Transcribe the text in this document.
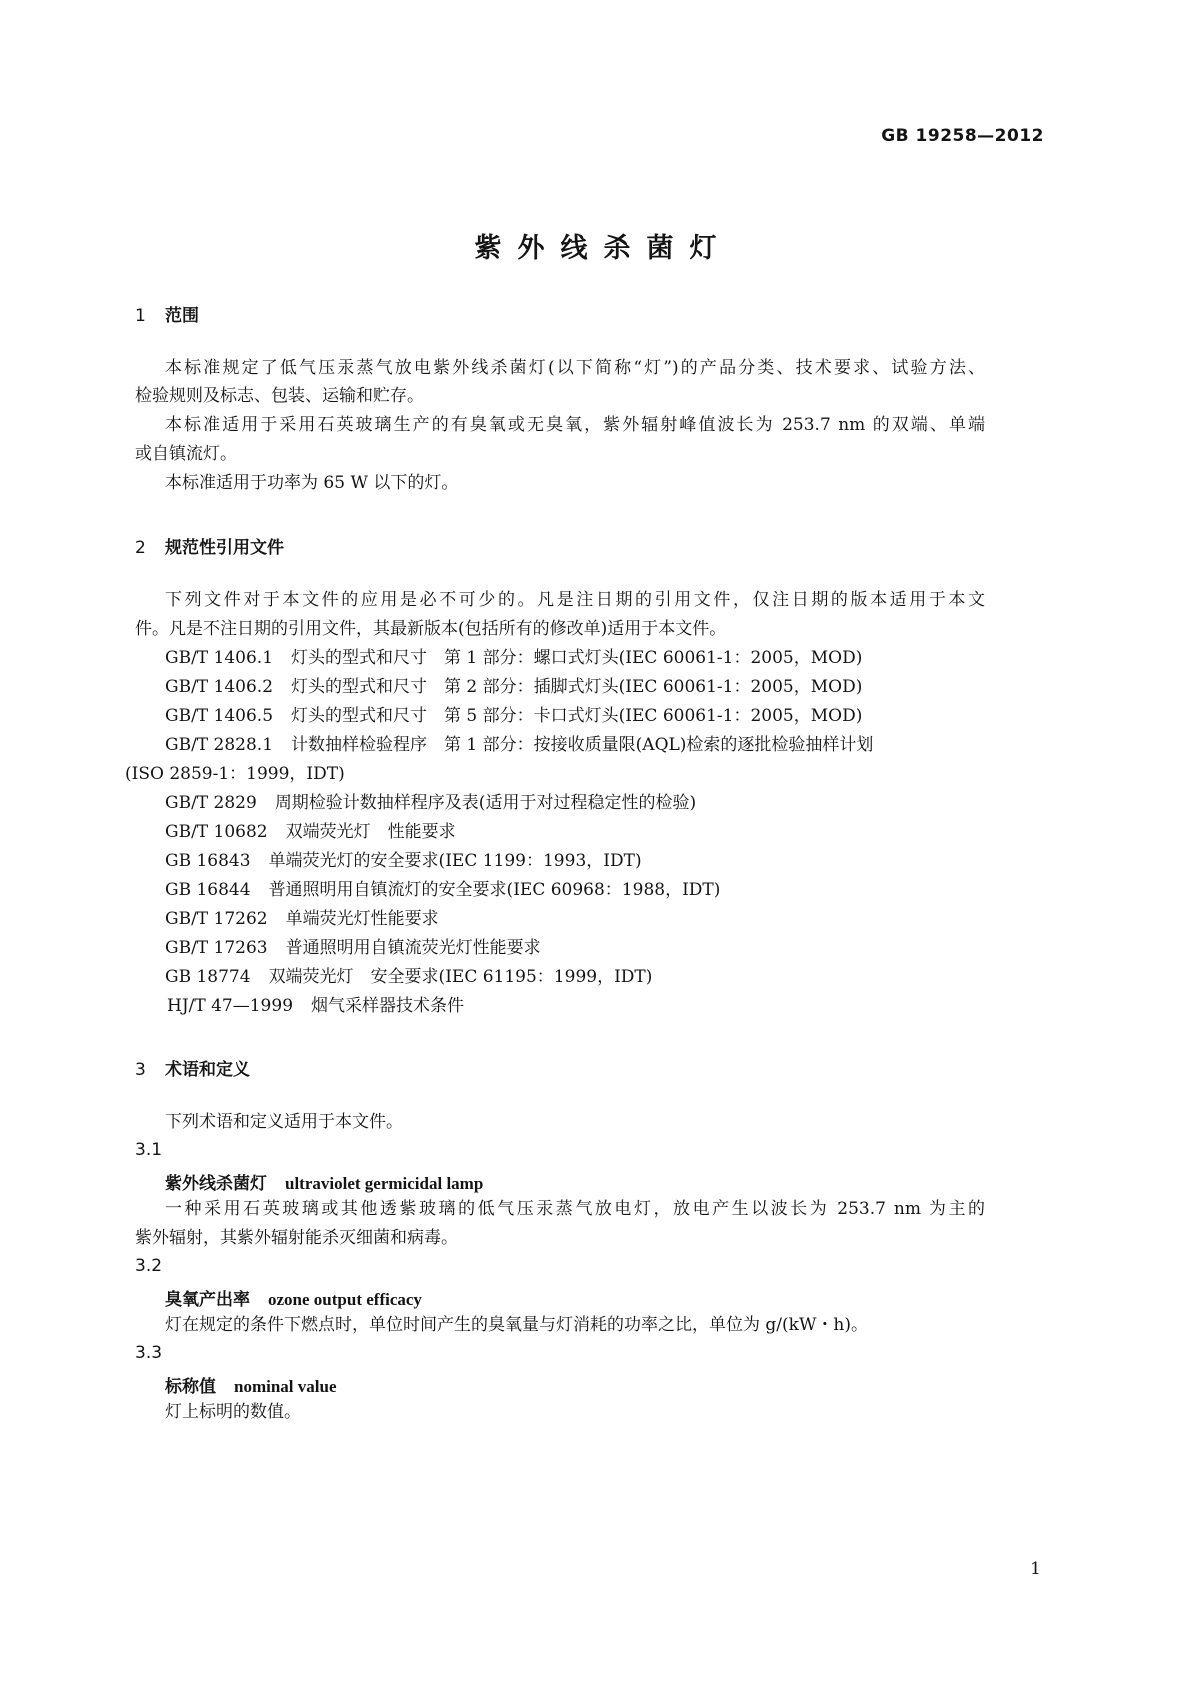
GB 19258—2012
紫外线杀菌灯
1 范围
本标准规定了低气压汞蒸气放电紫外线杀菌灯(以下简称“灯”)的产品分类、技术要求、试验方法、
检验规则及标志、包装、运输和贮存。
本标准适用于采用石英玻璃生产的有臭氧或无臭氧，紫外辐射峰值波长为 253.7 nm 的双端、单端
或自镇流灯。
本标准适用于功率为 65 W 以下的灯。
2 规范性引用文件
下列文件对于本文件的应用是必不可少的。凡是注日期的引用文件，仅注日期的版本适用于本文
件。凡是不注日期的引用文件，其最新版本(包括所有的修改单)适用于本文件。
GB/T 1406.1 灯头的型式和尺寸　第 1 部分：螺口式灯头(IEC 60061-1：2005，MOD)
GB/T 1406.2 灯头的型式和尺寸　第 2 部分：插脚式灯头(IEC 60061-1：2005，MOD)
GB/T 1406.5 灯头的型式和尺寸　第 5 部分：卡口式灯头(IEC 60061-1：2005，MOD)
GB/T 2828.1 计数抽样检验程序　第 1 部分：按接收质量限(AQL)检索的逐批检验抽样计划
(ISO 2859-1：1999，IDT)
GB/T 2829 周期检验计数抽样程序及表(适用于对过程稳定性的检验)
GB/T 10682 双端荧光灯　性能要求
GB 16843 单端荧光灯的安全要求(IEC 1199：1993，IDT)
GB 16844 普通照明用自镇流灯的安全要求(IEC 60968：1988，IDT)
GB/T 17262 单端荧光灯性能要求
GB/T 17263 普通照明用自镇流荧光灯性能要求
GB 18774 双端荧光灯　安全要求(IEC 61195：1999，IDT)
HJ/T 47—1999 烟气采样器技术条件
3 术语和定义
下列术语和定义适用于本文件。
3.1
紫外线杀菌灯 ultraviolet germicidal lamp
一种采用石英玻璃或其他透紫玻璃的低气压汞蒸气放电灯，放电产生以波长为 253.7 nm 为主的
紫外辐射，其紫外辐射能杀灭细菌和病毒。
3.2
臭氧产出率 ozone output efficacy
灯在规定的条件下燃点时，单位时间产生的臭氧量与灯消耗的功率之比，单位为 g/(kW・h)。
3.3
标称值 nominal value
灯上标明的数值。
1
